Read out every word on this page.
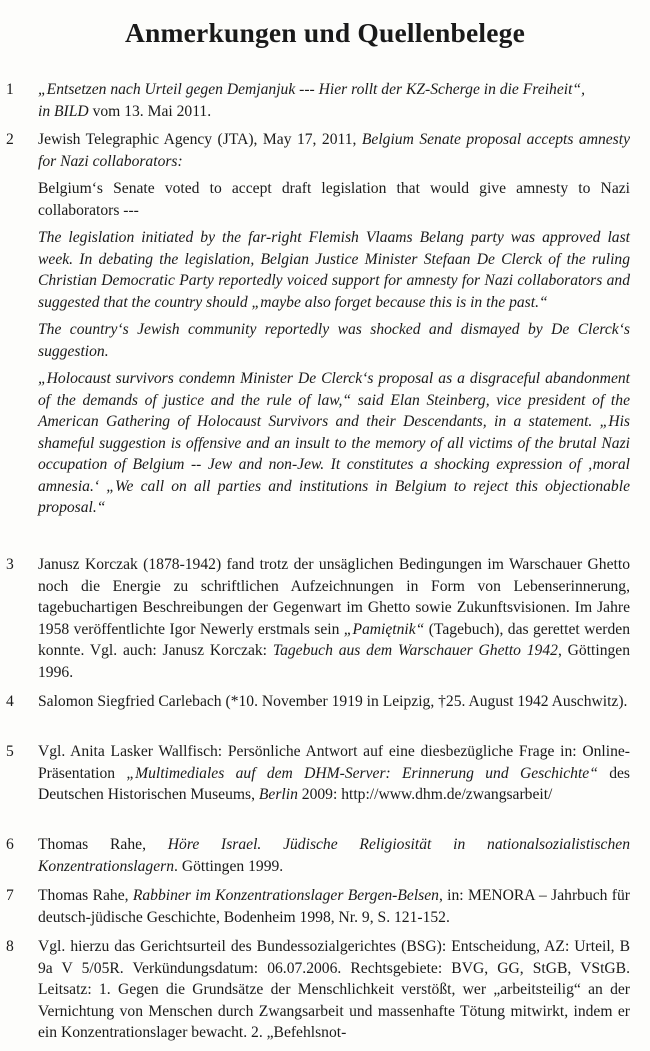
Anmerkungen und Quellenbelege
1	„Entsetzen nach Urteil gegen Demjanjuk --- Hier rollt der KZ-Scherge in die Freiheit“,
in BILD vom 13. Mai 2011.

2	Jewish Telegraphic Agency (JTA), May 17, 2011, Belgium Senate proposal accepts amnesty for Nazi collaborators:

Belgium‘s Senate voted to accept draft legislation that would give amnesty to Nazi collaborators ---

The legislation initiated by the far-right Flemish Vlaams Belang party was approved last week. In debating the legislation, Belgian Justice Minister Stefaan De Clerck of the ruling Christian Democratic Party reportedly voiced support for amnesty for Nazi collaborators and suggested that the country should „maybe also forget because this is in the past.“

The country‘s Jewish community reportedly was shocked and dismayed by De Clerck‘s suggestion.

„Holocaust survivors condemn Minister De Clerck‘s proposal as a disgraceful abandonment of the demands of justice and the rule of law,“ said Elan Steinberg, vice president of the American Gathering of Holocaust Survivors and their Descendants, in a statement. „His shameful suggestion is offensive and an insult to the memory of all victims of the brutal Nazi occupation of Belgium -- Jew and non-Jew. It constitutes a shocking expression of ‚moral amnesia.‘ „We call on all parties and institutions in Belgium to reject this objectionable proposal.“

3	Janusz Korczak (1878-1942) fand trotz der unsäglichen Bedingungen im Warschauer Ghetto noch die Energie zu schriftlichen Aufzeichnungen in Form von Lebenserinnerung, tagebuchartigen Beschreibungen der Gegenwart im Ghetto sowie Zukunftsvisionen. Im Jahre 1958 veröffentlichte Igor Newerly erstmals sein „Pamiętnik“ (Tagebuch), das gerettet werden konnte. Vgl. auch: Janusz Korczak: Tagebuch aus dem Warschauer Ghetto 1942, Göttingen 1996.

4	Salomon Siegfried Carlebach (*10. November 1919 in Leipzig, †25. August 1942 Auschwitz).

5	Vgl. Anita Lasker Wallfisch: Persönliche Antwort auf eine diesbezügliche Frage in: Online-Präsentation „Multimediales auf dem DHM-Server: Erinnerung und Geschichte“ des Deutschen Historischen Museums, Berlin 2009: http://www.dhm.de/zwangsarbeit/

6	Thomas Rahe, Höre Israel. Jüdische Religiosität in nationalsozialistischen Konzentrationslagern. Göttingen 1999.

7	Thomas Rahe, Rabbiner im Konzentrationslager Bergen-Belsen, in: MENORA – Jahrbuch für deutsch-jüdische Geschichte, Bodenheim 1998, Nr. 9, S. 121-152.

8	Vgl. hierzu das Gerichtsurteil des Bundessozialgerichtes (BSG): Entscheidung, AZ: Urteil, B 9a V 5/05R. Verkündungsdatum: 06.07.2006. Rechtsgebiete: BVG, GG, StGB, VStGB. Leitsatz: 1. Gegen die Grundsätze der Menschlichkeit verstößt, wer „arbeitsteilig“ an der Vernichtung von Menschen durch Zwangsarbeit und massenhafte Tötung mitwirkt, indem er ein Konzentrationslager bewacht. 2. „Befehlsnot-
